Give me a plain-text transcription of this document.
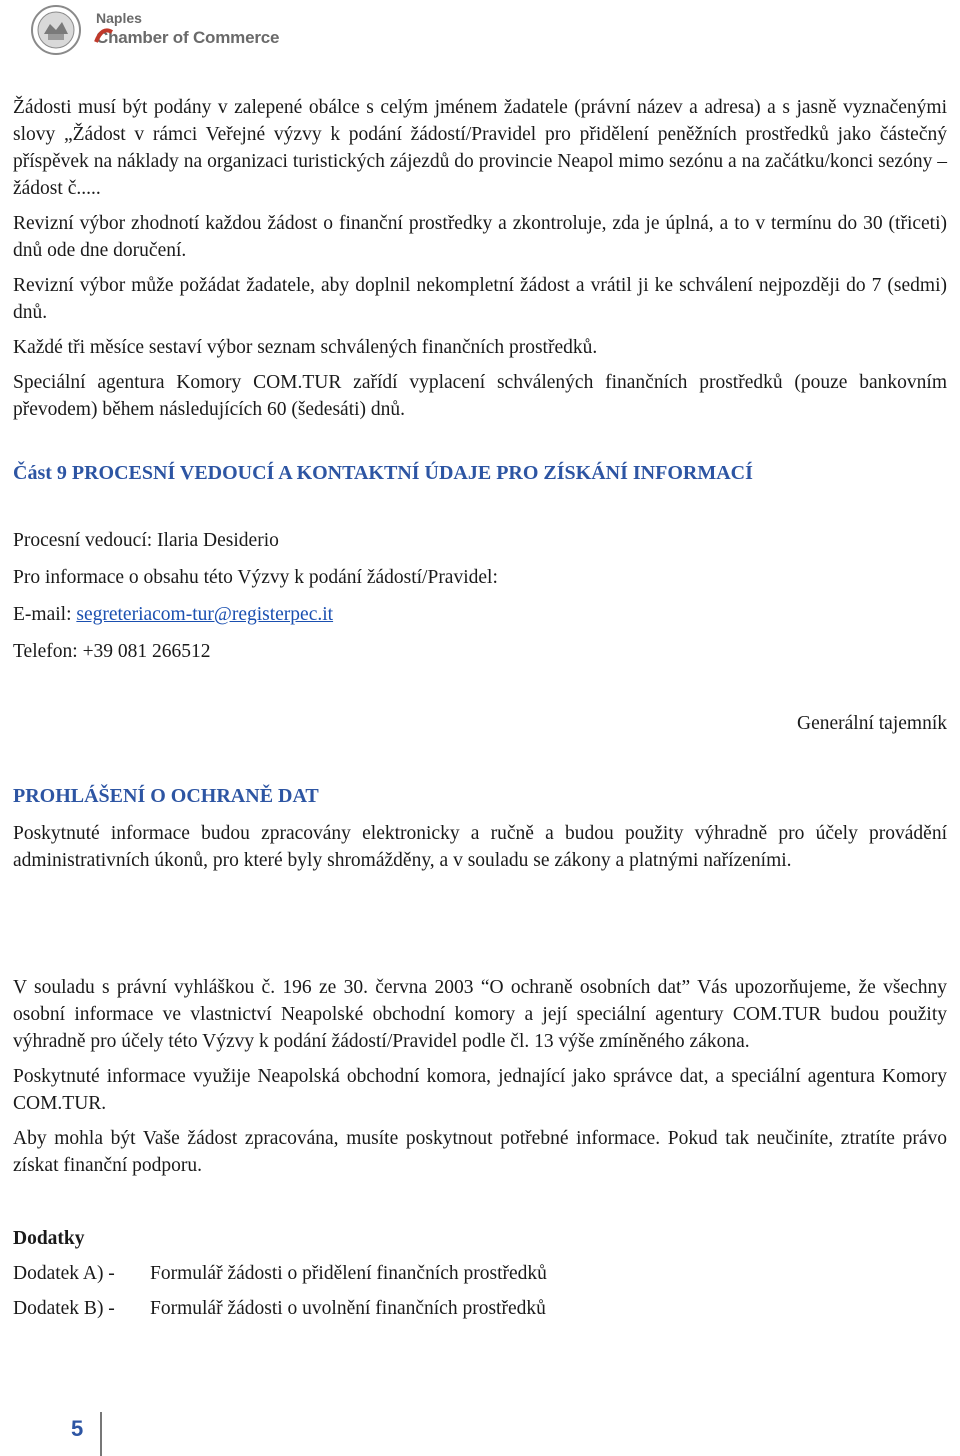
Naples
Chamber of Commerce

Žádosti musí být podány v zalepené obálce s celým jménem žadatele (právní název a adresa) a s jasně vyznačenými slovy „Žádost v rámci Veřejné výzvy k podání žádostí/Pravidel pro přidělení peněžních prostředků jako částečný příspěvek na náklady na organizaci turistických zájezdů do provincie Neapol mimo sezónu a na začátku/konci sezóny – žádost č.....

Revizní výbor zhodnotí každou žádost o finanční prostředky a zkontroluje, zda je úplná, a to v termínu do 30 (třiceti) dnů ode dne doručení.

Revizní výbor může požádat žadatele, aby doplnil nekompletní žádost a vrátil ji ke schválení nejpozději do 7 (sedmi) dnů.

Každé tři měsíce sestaví výbor seznam schválených finančních prostředků.

Speciální agentura Komory COM.TUR zařídí vyplacení schválených finančních prostředků (pouze bankovním převodem) během následujících 60 (šedesáti) dnů.

Část 9 PROCESNÍ VEDOUCÍ A KONTAKTNÍ ÚDAJE PRO ZÍSKÁNÍ INFORMACÍ

Procesní vedoucí: Ilaria Desiderio

Pro informace o obsahu této Výzvy k podání žádostí/Pravidel:

E-mail: segreteriacom-tur@registerpec.it

Telefon: +39 081 266512

Generální tajemník

PROHLÁŠENÍ O OCHRANĚ DAT

Poskytnuté informace budou zpracovány elektronicky a ručně a budou použity výhradně pro účely provádění administrativních úkonů, pro které byly shromážděny, a v souladu se zákony a platnými nařízeními.

V souladu s právní vyhláškou č. 196 ze 30. června 2003 “O ochraně osobních dat” Vás upozorňujeme, že všechny osobní informace ve vlastnictví Neapolské obchodní komory a její speciální agentury COM.TUR budou použity výhradně pro účely této Výzvy k podání žádostí/Pravidel podle čl. 13 výše zmíněného zákona.

Poskytnuté informace využije Neapolská obchodní komora, jednající jako správce dat, a speciální agentura Komory COM.TUR.

Aby mohla být Vaše žádost zpracována, musíte poskytnout potřebné informace. Pokud tak neučiníte, ztratíte právo získat finanční podporu.

Dodatky

Dodatek A) -	Formulář žádosti o přidělení finančních prostředků
Dodatek B) -	Formulář žádosti o uvolnění finančních prostředků
5
